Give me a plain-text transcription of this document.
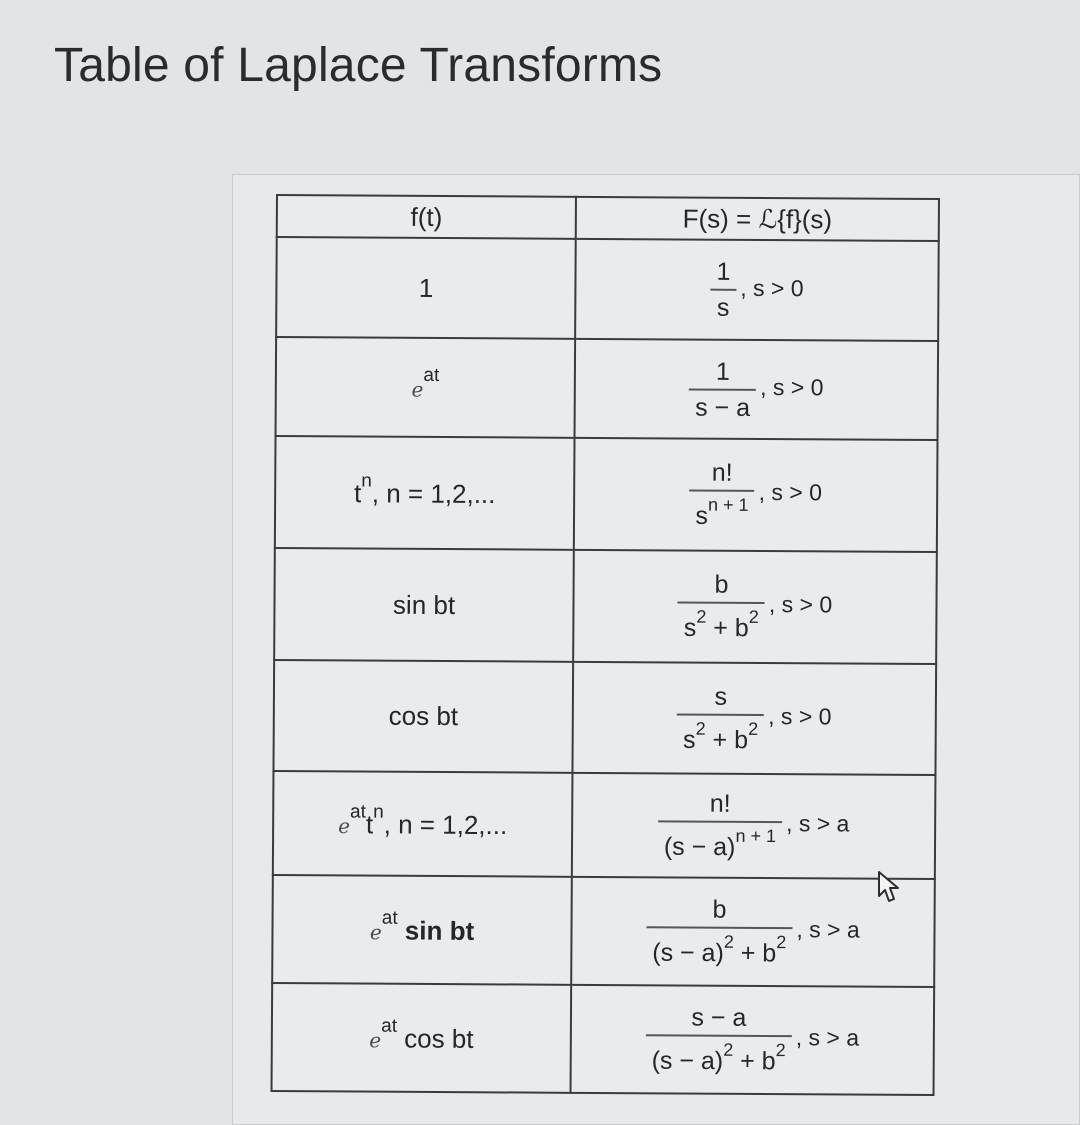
Table of Laplace Transforms
f(t)	F(s) = ℒ{f}(s)
1	$\frac{1}{s}$ , s > 0

$e^{at}$	$\frac{1}{s - a}$ , s > 0

$t^n$, n = 1,2,...	$\frac{n!}{s^{n + 1}}$ , s > 0

sin bt	$\frac{b}{s^2 + b^2}$ , s > 0

cos bt	$\frac{s}{s^2 + b^2}$ , s > 0

$e^{at}t^n$, n = 1,2,...	$\frac{n!}{(s - a)^{n + 1}}$ , s > a

$e^{at}$ sin bt	$\frac{b}{(s - a)^2 + b^2}$ , s > a

$e^{at}$ cos bt	$\frac{s - a}{(s - a)^2 + b^2}$ , s > a
